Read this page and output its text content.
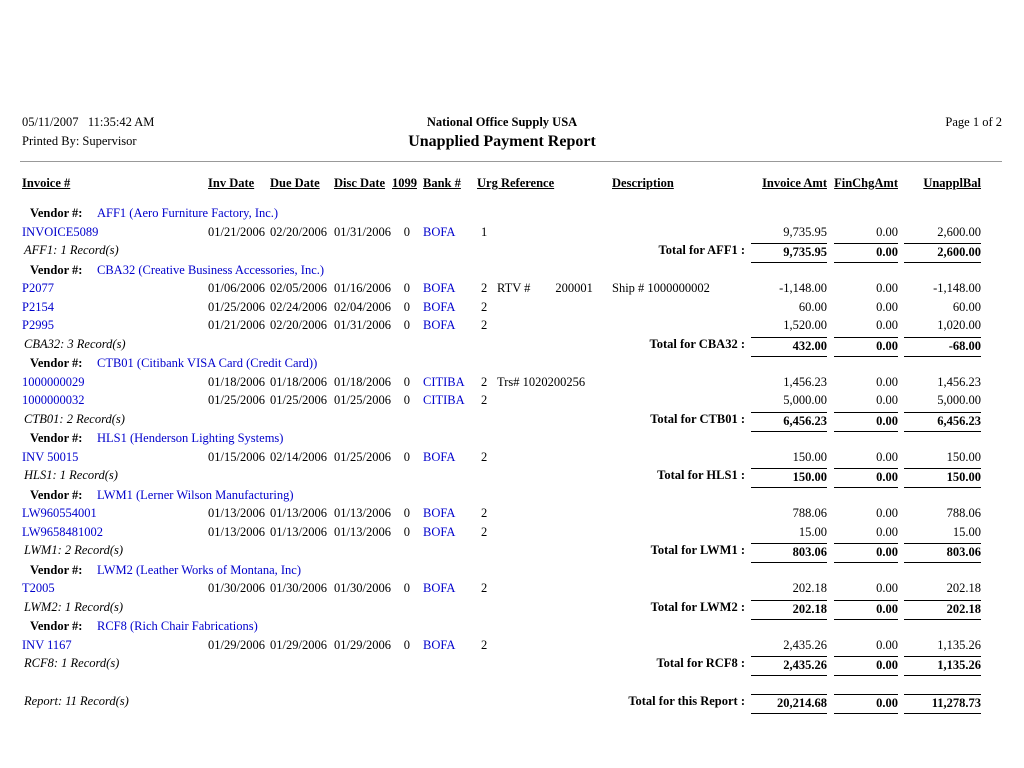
05/11/2007   11:35:42 AM
Printed By: Supervisor
National Office Supply USA
Unapplied Payment Report
Page 1 of 2
Invoice #	Inv Date Due Date Disc Date 1099 Bank # Urg Reference	Description	Invoice Amt FinChgAmt	UnapplBal
Vendor #: AFF1 (Aero Furniture Factory, Inc.)
INVOICE5089	01/21/2006 02/20/2006 01/31/2006	0 BOFA 1	9,735.95	0.00	2,600.00
AFF1: 1 Record(s)	Total for AFF1 :	9,735.95	0.00	2,600.00
Vendor #: CBA32 (Creative Business Accessories, Inc.)
P2077	01/06/2006 02/05/2006 01/16/2006	0 BOFA 2 RTV #        200001 Ship # 1000000002	-1,148.00	0.00	-1,148.00
P2154	01/25/2006 02/24/2006 02/04/2006	0 BOFA 2	60.00	0.00	60.00
P2995	01/21/2006 02/20/2006 01/31/2006	0 BOFA 2	1,520.00	0.00	1,020.00
CBA32: 3 Record(s)	Total for CBA32 :	432.00	0.00	-68.00
Vendor #: CTB01 (Citibank VISA Card (Credit Card))
1000000029	01/18/2006 01/18/2006 01/18/2006	0 CITIBA 2 Trs# 1020200256	1,456.23	0.00	1,456.23
1000000032	01/25/2006 01/25/2006 01/25/2006	0 CITIBA 2	5,000.00	0.00	5,000.00
CTB01: 2 Record(s)	Total for CTB01 :	6,456.23	0.00	6,456.23
Vendor #: HLS1 (Henderson Lighting Systems)
INV 50015	01/15/2006 02/14/2006 01/25/2006	0 BOFA 2	150.00	0.00	150.00
HLS1: 1 Record(s)	Total for HLS1 :	150.00	0.00	150.00
Vendor #: LWM1 (Lerner Wilson Manufacturing)
LW960554001	01/13/2006 01/13/2006 01/13/2006	0 BOFA 2	788.06	0.00	788.06
LW9658481002	01/13/2006 01/13/2006 01/13/2006	0 BOFA 2	15.00	0.00	15.00
LWM1: 2 Record(s)	Total for LWM1 :	803.06	0.00	803.06
Vendor #: LWM2 (Leather Works of Montana, Inc)
T2005	01/30/2006 01/30/2006 01/30/2006	0 BOFA 2	202.18	0.00	202.18
LWM2: 1 Record(s)	Total for LWM2 :	202.18	0.00	202.18
Vendor #: RCF8 (Rich Chair Fabrications)
INV 1167	01/29/2006 01/29/2006 01/29/2006	0 BOFA 2	2,435.26	0.00	1,135.26
RCF8: 1 Record(s)	Total for RCF8 :	2,435.26	0.00	1,135.26
Report: 11 Record(s)	Total for this Report :	20,214.68	0.00	11,278.73
